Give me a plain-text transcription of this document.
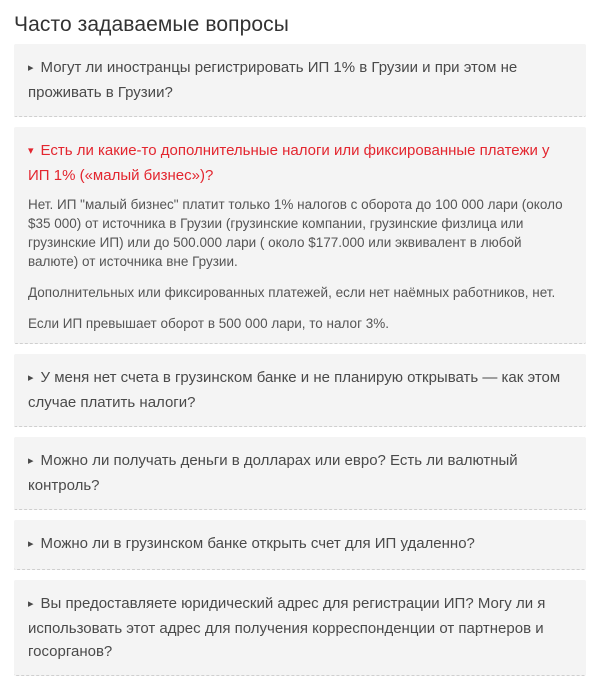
Часто задаваемые вопросы
▸ Могут ли иностранцы регистрировать ИП 1% в Грузии и при этом не проживать в Грузии?
▾ Есть ли какие-то дополнительные налоги или фиксированные платежи у ИП 1% («малый бизнес»)?

Нет. ИП "малый бизнес" платит только 1% налогов с оборота до 100 000 лари (около $35 000) от источника в Грузии (грузинские компании, грузинские физлица или грузинские ИП) или до 500.000 лари ( около $177.000 или эквивалент в любой валюте) от источника вне Грузии.

Дополнительных или фиксированных платежей, если нет наёмных работников, нет.

Если ИП превышает оборот в 500 000 лари, то налог 3%.

▸ У меня нет счета в грузинском банке и не планирую открывать — как этом случае платить налоги?
▸ Можно ли получать деньги в долларах или евро? Есть ли валютный контроль?
▸ Можно ли в грузинском банке открыть счет для ИП удаленно?
▸ Вы предоставляете юридический адрес для регистрации ИП? Могу ли я использовать этот адрес для получения корреспонденции от партнеров и госорганов?
